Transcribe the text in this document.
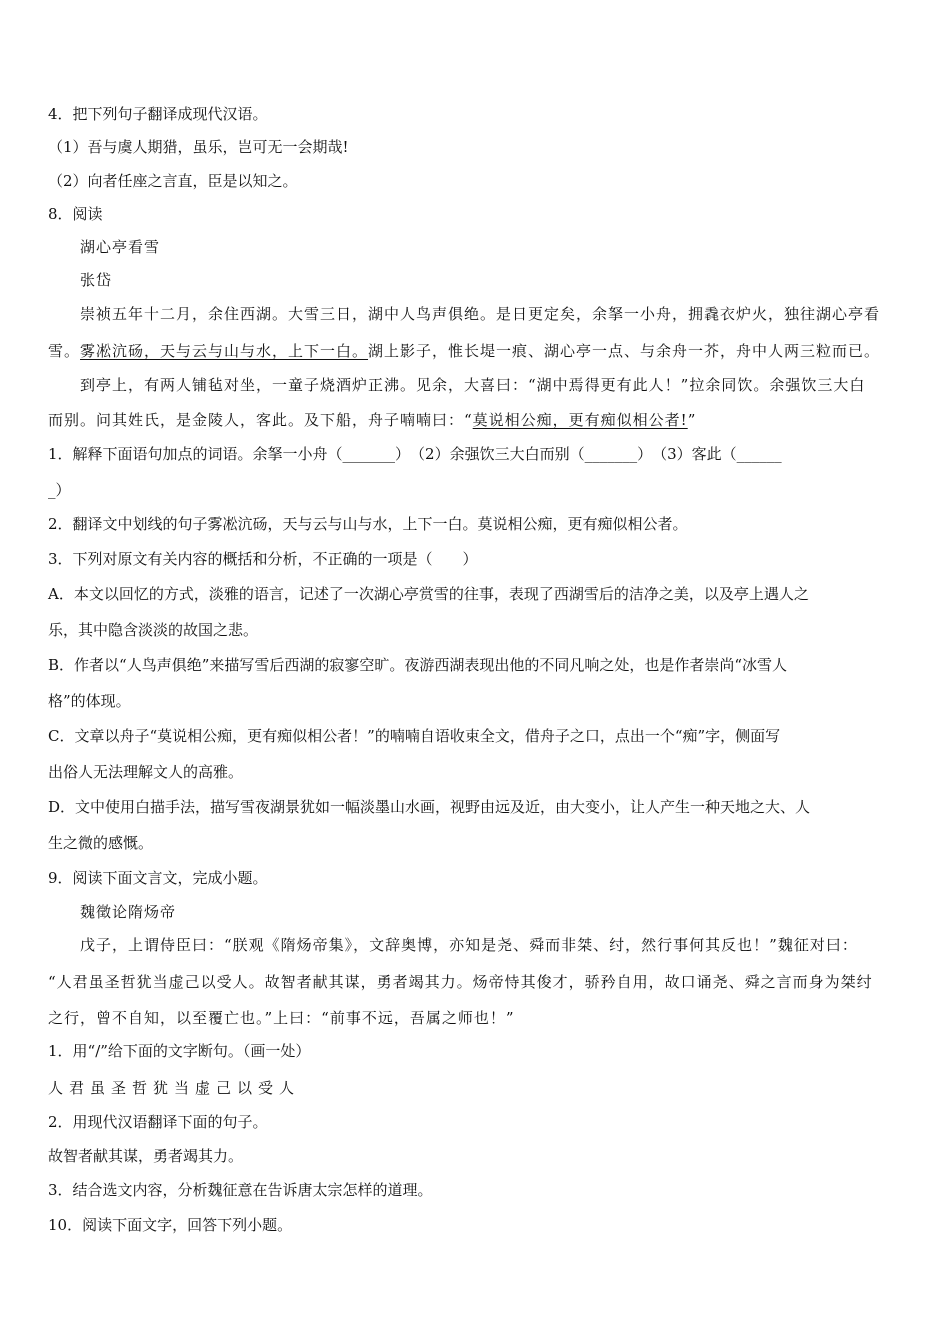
4．把下列句子翻译成现代汉语。
（1）吾与虞人期猎，虽乐，岂可无一会期哉!
（2）向者任座之言直，臣是以知之。
8．阅读
湖心亭看雪
张岱
崇祯五年十二月，余住西湖。大雪三日，湖中人鸟声俱绝。是日更定矣，余拏一小舟，拥毳衣炉火，独往湖心亭看
雪。雾凇沆砀，天与云与山与水，上下一白。湖上影子，惟长堤一痕、湖心亭一点、与余舟一芥，舟中人两三粒而已。
到亭上，有两人铺毡对坐，一童子烧酒炉正沸。见余，大喜曰：“湖中焉得更有此人！”拉余同饮。余强饮三大白
而别。问其姓氏，是金陵人，客此。及下船，舟子喃喃曰：“莫说相公痴，更有痴似相公者!”
1．解释下面语句加点的词语。余拏一小舟（_______）　（2）余强饮三大白而别（_______）　（3）客此（______
_）
2．翻译文中划线的句子雾凇沆砀，天与云与山与水，上下一白。莫说相公痴，更有痴似相公者。
3．下列对原文有关内容的概括和分析，不正确的一项是（　　）
A．本文以回忆的方式，淡雅的语言，记述了一次湖心亭赏雪的往事，表现了西湖雪后的洁净之美，以及亭上遇人之
乐，其中隐含淡淡的故国之悲。
B．作者以“人鸟声俱绝”来描写雪后西湖的寂寥空旷。夜游西湖表现出他的不同凡响之处，也是作者崇尚“冰雪人
格”的体现。
C．文章以舟子“莫说相公痴，更有痴似相公者！”的喃喃自语收束全文，借舟子之口，点出一个“痴”字，侧面写
出俗人无法理解文人的高雅。
D．文中使用白描手法，描写雪夜湖景犹如一幅淡墨山水画，视野由远及近，由大变小，让人产生一种天地之大、人
生之微的感慨。
9．阅读下面文言文，完成小题。
魏徵论隋炀帝
戊子，上谓侍臣曰：“朕观《隋炀帝集》，文辞奥博，亦知是尧、舜而非桀、纣，然行事何其反也！”魏征对曰：
“人君虽圣哲犹当虚己以受人。故智者献其谋，勇者竭其力。炀帝恃其俊才，骄矜自用，故口诵尧、舜之言而身为桀纣
之行，曾不自知，以至覆亡也。”上曰：“前事不远，吾属之师也！”
1．用“/”给下面的文字断句。（画一处）
人君虽圣哲犹当虚己以受人
2．用现代汉语翻译下面的句子。
故智者献其谋，勇者竭其力。
3．结合选文内容，分析魏征意在告诉唐太宗怎样的道理。
10．阅读下面文字，回答下列小题。
